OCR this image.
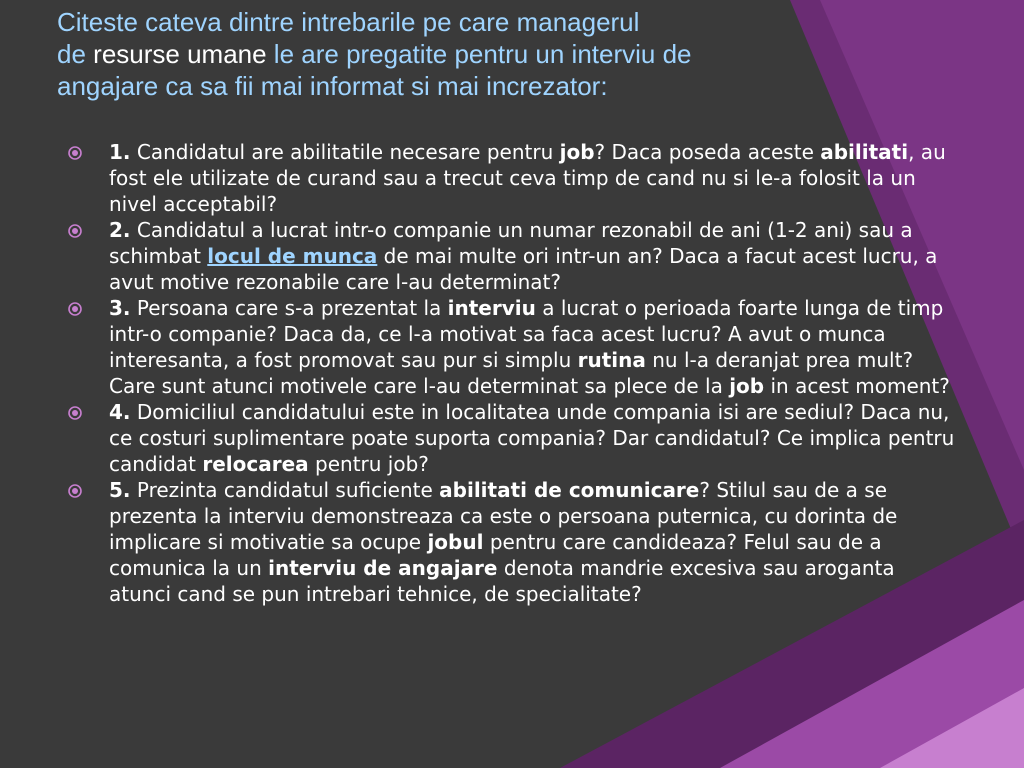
Citeste cateva dintre intrebarile pe care managerul
de resurse umane le are pregatite pentru un interviu de
angajare ca sa fii mai informat si mai increzator:
1. Candidatul are abilitatile necesare pentru job? Daca poseda aceste abilitati, au fost ele utilizate de curand sau a trecut ceva timp de cand nu si le-a folosit la un nivel acceptabil?
2. Candidatul a lucrat intr-o companie un numar rezonabil de ani (1-2 ani) sau a schimbat locul de munca de mai multe ori intr-un an? Daca a facut acest lucru, a avut motive rezonabile care l-au determinat?
3. Persoana care s-a prezentat la interviu a lucrat o perioada foarte lunga de timp intr-o companie? Daca da, ce l-a motivat sa faca acest lucru? A avut o munca interesanta, a fost promovat sau pur si simplu rutina nu l-a deranjat prea mult? Care sunt atunci motivele care l-au determinat sa plece de la job in acest moment?
4. Domiciliul candidatului este in localitatea unde compania isi are sediul? Daca nu, ce costuri suplimentare poate suporta compania? Dar candidatul? Ce implica pentru candidat relocarea pentru job?
5. Prezinta candidatul suficiente abilitati de comunicare? Stilul sau de a se prezenta la interviu demonstreaza ca este o persoana puternica, cu dorinta de implicare si motivatie sa ocupe jobul pentru care candideaza? Felul sau de a comunica la un interviu de angajare denota mandrie excesiva sau aroganta atunci cand se pun intrebari tehnice, de specialitate?
